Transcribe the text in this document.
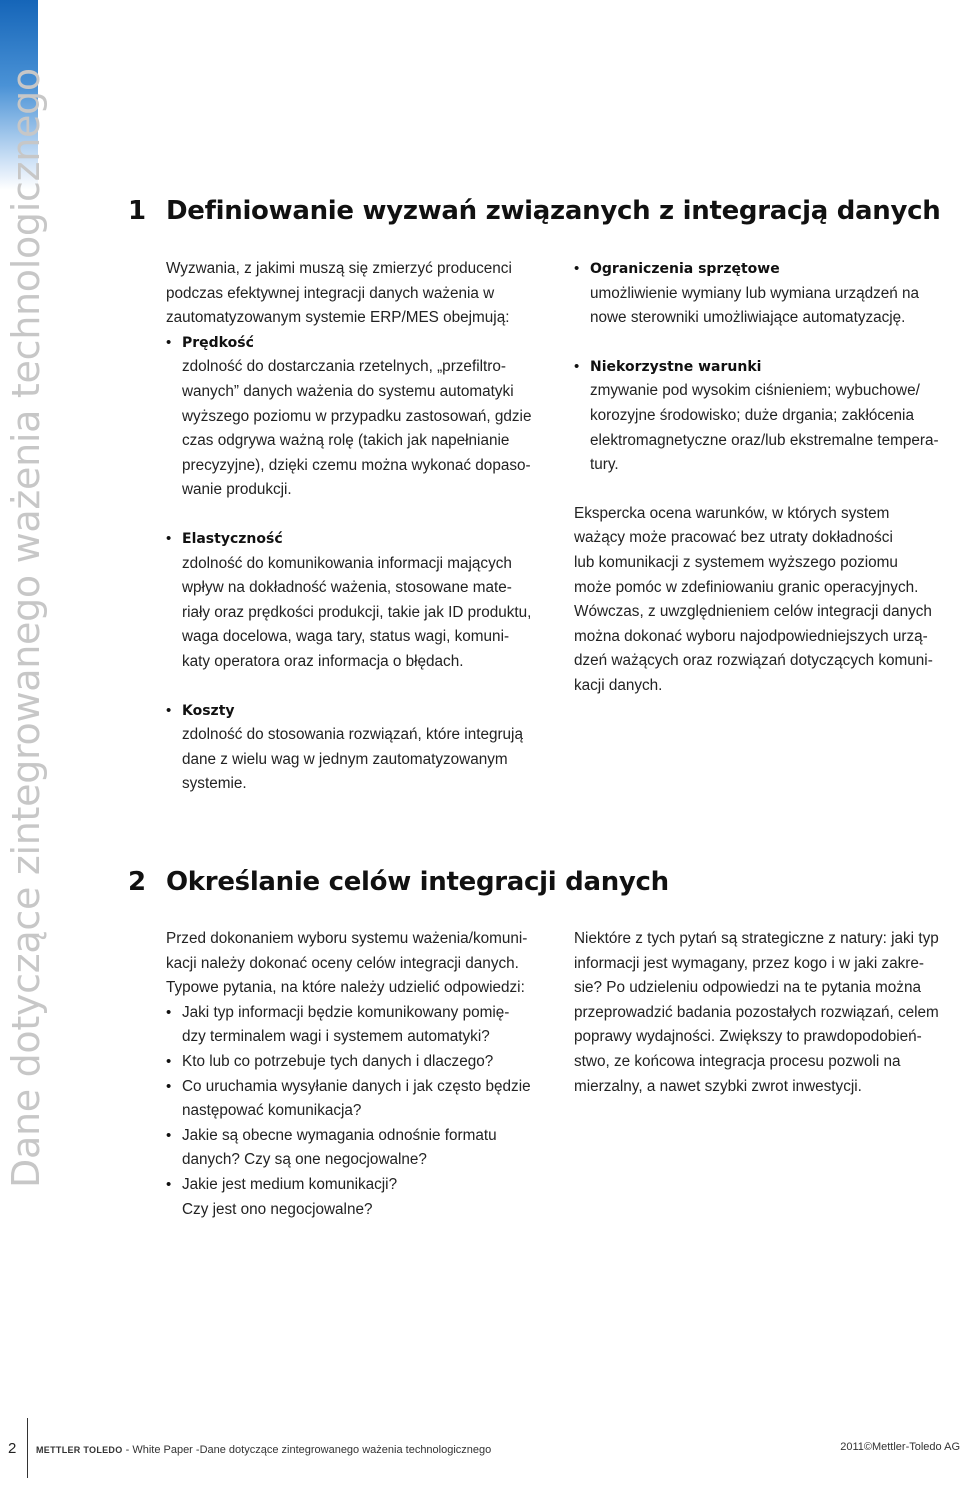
Dane dotyczące zintegrowanego ważenia technologicznego	1 Definiowanie wyzwań związanych z integracją danych

Wyzwania, z jakimi muszą się zmierzyć producenci

podczas efektywnej integracji danych ważenia w

zautomatyzowanym systemie ERP/MES obejmują:

• Prędkość

zdolność do dostarczania rzetelnych, „przefiltro-

wanych” danych ważenia do systemu automatyki

wyższego poziomu w przypadku zastosowań, gdzie

czas odgrywa ważną rolę (takich jak napełnianie

precyzyjne), dzięki czemu można wykonać dopaso-

wanie produkcji.

• Elastyczność

zdolność do komunikowania informacji mających

wpływ na dokładność ważenia, stosowane mate-

riały oraz prędkości produkcji, takie jak ID produktu,

waga docelowa, waga tary, status wagi, komuni-

katy operatora oraz informacja o błędach.

• Koszty

zdolność do stosowania rozwiązań, które integrują

dane z wielu wag w jednym zautomatyzowanym

systemie.

• Ograniczenia sprzętowe

umożliwienie wymiany lub wymiana urządzeń na

nowe sterowniki umożliwiające automatyzację.

• Niekorzystne warunki

zmywanie pod wysokim ciśnieniem; wybuchowe/

korozyjne środowisko; duże drgania; zakłócenia

elektromagnetyczne oraz/lub ekstremalne tempera-

tury.

Ekspercka ocena warunków, w których system

ważący może pracować bez utraty dokładności

lub komunikacji z systemem wyższego poziomu

może pomóc w zdefiniowaniu granic operacyjnych.

Wówczas, z uwzględnieniem celów integracji danych

można dokonać wyboru najodpowiedniejszych urzą-

dzeń ważących oraz rozwiązań dotyczących komuni-

kacji danych.

2 Określanie celów integracji danych

Przed dokonaniem wyboru systemu ważenia/komuni-

kacji należy dokonać oceny celów integracji danych.

Typowe pytania, na które należy udzielić odpowiedzi:

• Jaki typ informacji będzie komunikowany pomię-

dzy terminalem wagi i systemem automatyki?

• Kto lub co potrzebuje tych danych i dlaczego?

• Co uruchamia wysyłanie danych i jak często będzie

następować komunikacja?

• Jakie są obecne wymagania odnośnie formatu

danych? Czy są one negocjowalne?

• Jakie jest medium komunikacji?

Czy jest ono negocjowalne?

Niektóre z tych pytań są strategiczne z natury: jaki typ

informacji jest wymagany, przez kogo i w jaki zakre-

sie? Po udzieleniu odpowiedzi na te pytania można

przeprowadzić badania pozostałych rozwiązań, celem

poprawy wydajności. Zwiększy to prawdopodobień-

stwo, ze końcowa integracja procesu pozwoli na

mierzalny, a nawet szybki zwrot inwestycji.

2 METTLER TOLEDO - White Paper -Dane dotyczące zintegrowanego ważenia technologicznego	2011©Mettler-Toledo AG
